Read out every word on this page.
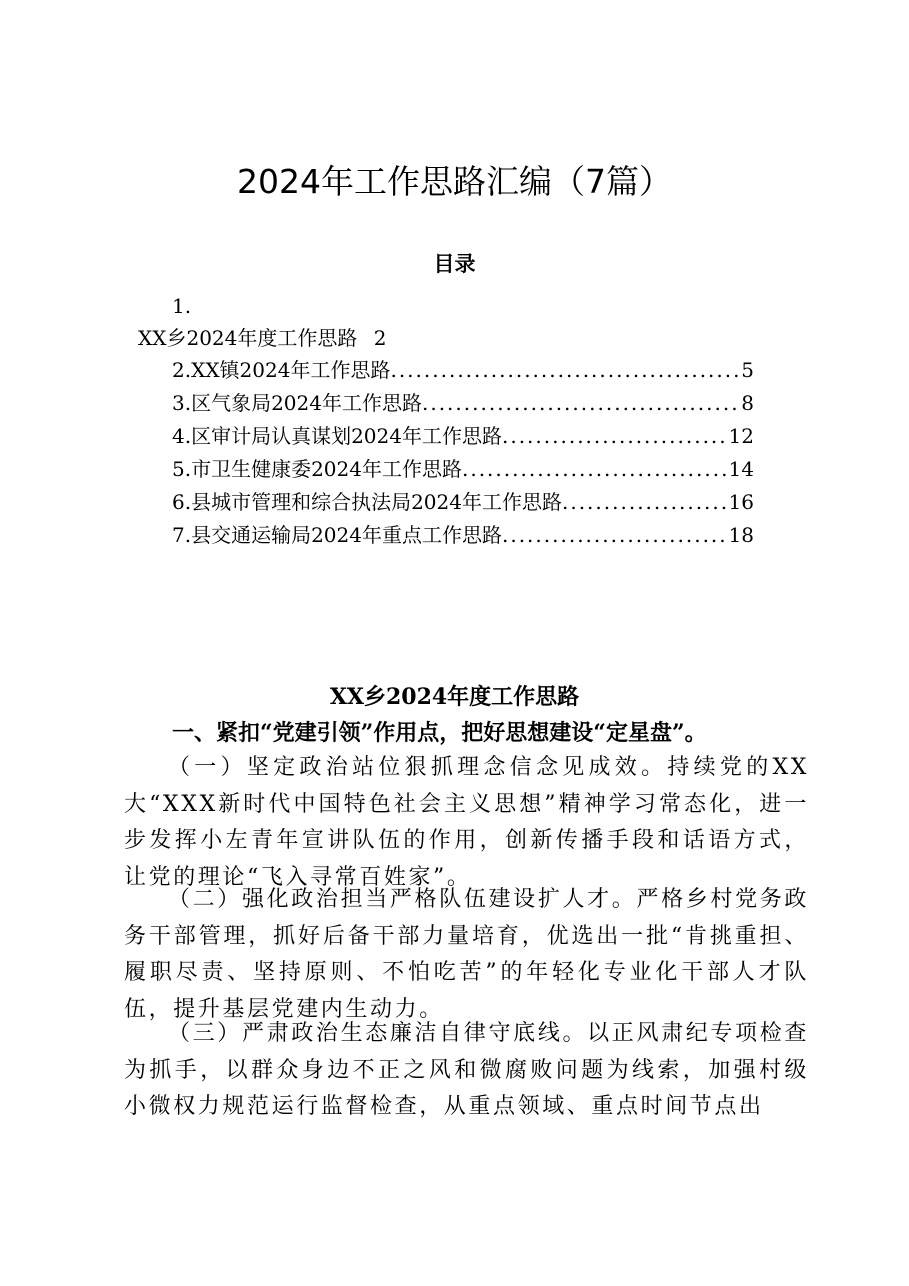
2024年工作思路汇编（7篇）
目录
1.
XX乡2024年度工作思路 2
2.XX镇2024年工作思路 .....	5
3.区气象局2024年工作思路 .....	8
4.区审计局认真谋划2024年工作思路 .....	12
5.市卫生健康委2024年工作思路 .....	14
6.县城市管理和综合执法局2024年工作思路 .....	16
7.县交通运输局2024年重点工作思路 .....	18
XX乡2024年度工作思路
一、紧扣“党建引领”作用点，把好思想建设“定星盘”。

（一）坚定政治站位狠抓理念信念见成效。持续党的XX大“XXX新时代中国特色社会主义思想”精神学习常态化，进一步发挥小左青年宣讲队伍的作用，创新传播手段和话语方式，让党的理论“飞入寻常百姓家”。

（二）强化政治担当严格队伍建设扩人才。严格乡村党务政务干部管理，抓好后备干部力量培育，优选出一批“肯挑重担、履职尽责、坚持原则、不怕吃苦”的年轻化专业化干部人才队伍，提升基层党建内生动力。

（三）严肃政治生态廉洁自律守底线。以正风肃纪专项检查为抓手，以群众身边不正之风和微腐败问题为线索，加强村级小微权力规范运行监督检查，从重点领域、重点时间节点出
